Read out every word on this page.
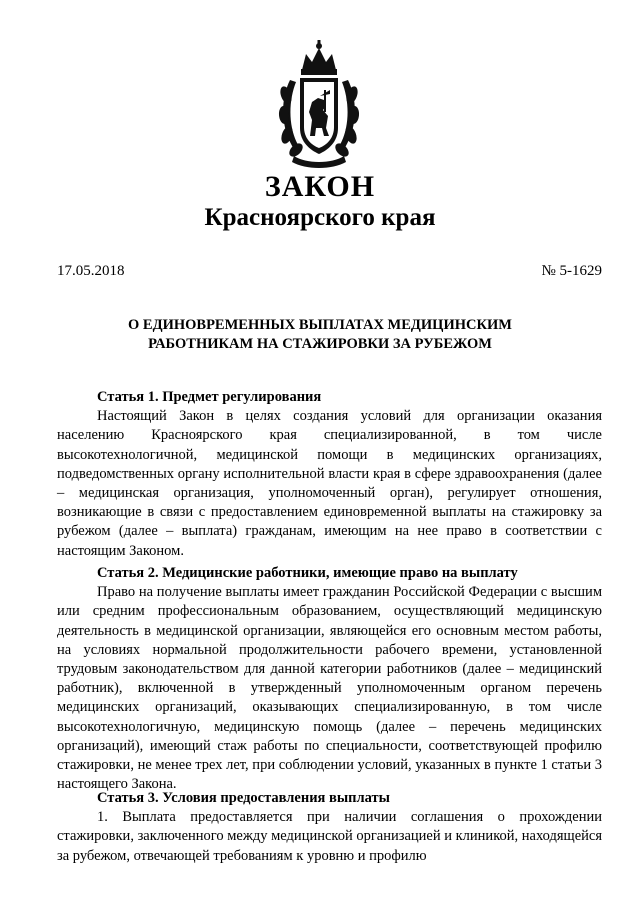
ЗАКОН
Красноярского края
17.05.2018	№ 5-1629
О ЕДИНОВРЕМЕННЫХ ВЫПЛАТАХ МЕДИЦИНСКИМ
РАБОТНИКАМ НА СТАЖИРОВКИ ЗА РУБЕЖОМ
Статья 1. Предмет регулирования

Настоящий Закон в целях создания условий для организации оказания населению Красноярского края специализированной, в том числе высокотехнологичной, медицинской помощи в медицинских организациях, подведомственных органу исполнительной власти края в сфере здравоохранения (далее – медицинская организация, уполномоченный орган), регулирует отношения, возникающие в связи с предоставлением единовременной выплаты на стажировку за рубежом (далее – выплата) гражданам, имеющим на нее право в соответствии с настоящим Законом.

Статья 2. Медицинские работники, имеющие право на выплату

Право на получение выплаты имеет гражданин Российской Федерации с высшим или средним профессиональным образованием, осуществляющий медицинскую деятельность в медицинской организации, являющейся его основным местом работы, на условиях нормальной продолжительности рабочего времени, установленной трудовым законодательством для данной категории работников (далее – медицинский работник), включенной в утвержденный уполномоченным органом перечень медицинских организаций, оказывающих специализированную, в том числе высокотехнологичную, медицинскую помощь (далее – перечень медицинских организаций), имеющий стаж работы по специальности, соответствующей профилю стажировки, не менее трех лет, при соблюдении условий, указанных в пункте 1 статьи 3 настоящего Закона.

Статья 3. Условия предоставления выплаты

1. Выплата предоставляется при наличии соглашения о прохождении стажировки, заключенного между медицинской организацией и клиникой, находящейся за рубежом, отвечающей требованиям к уровню и профилю
